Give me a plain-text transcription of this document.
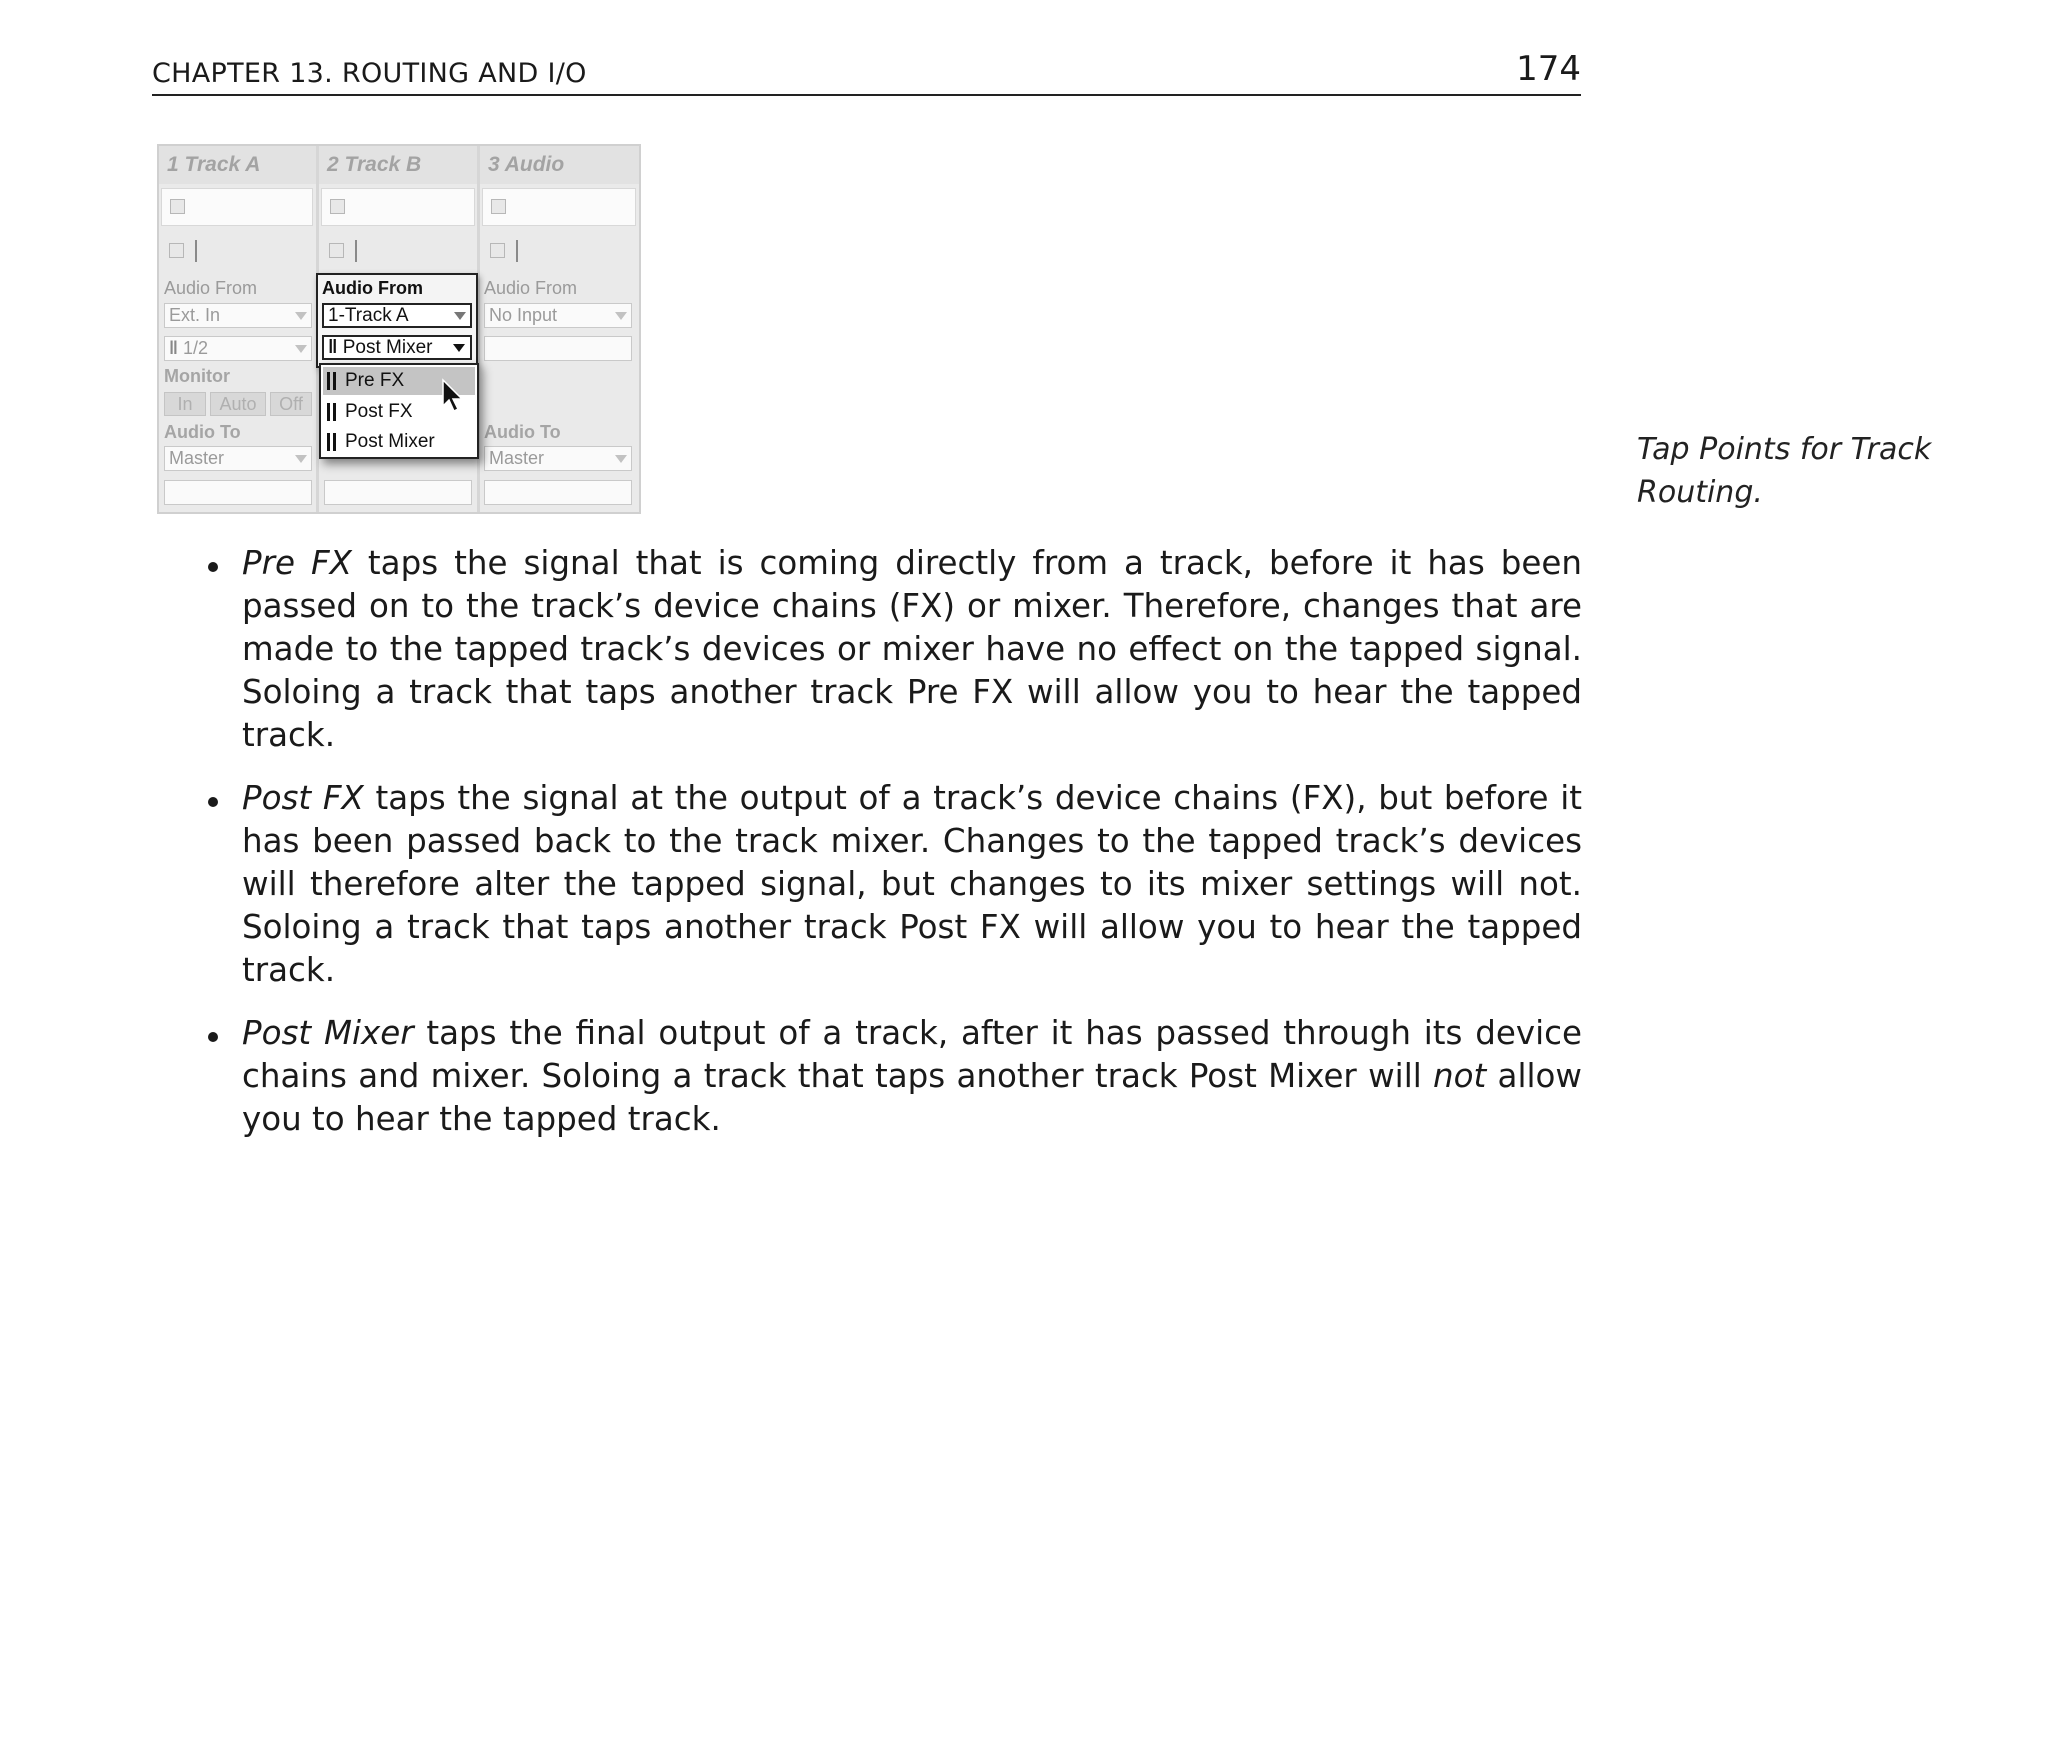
CHAPTER 13. ROUTING AND I/O	174
1 Track A	2 Track B	3 Audio
Audio From
Ext. In
‖ 1/2
Monitor
In	Auto	Off
Audio To
Master
Audio From
No Input
Audio To
Master
Audio From
1-Track A
‖ Post Mixer
Pre FX
Post FX
Post Mixer	Tap Points for Track Routing.
Pre FX taps the signal that is coming directly from a track, before it has been passed on to the track’s device chains (FX) or mixer. Therefore, changes that are made to the tapped track’s devices or mixer have no effect on the tapped signal. Soloing a track that taps another track Pre FX will allow you to hear the tapped track.
Post FX taps the signal at the output of a track’s device chains (FX), but before it has been passed back to the track mixer. Changes to the tapped track’s devices will therefore alter the tapped signal, but changes to its mixer settings will not. Soloing a track that taps another track Post FX will allow you to hear the tapped track.
Post Mixer taps the final output of a track, after it has passed through its device chains and mixer. Soloing a track that taps another track Post Mixer will not allow you to hear the tapped track.
